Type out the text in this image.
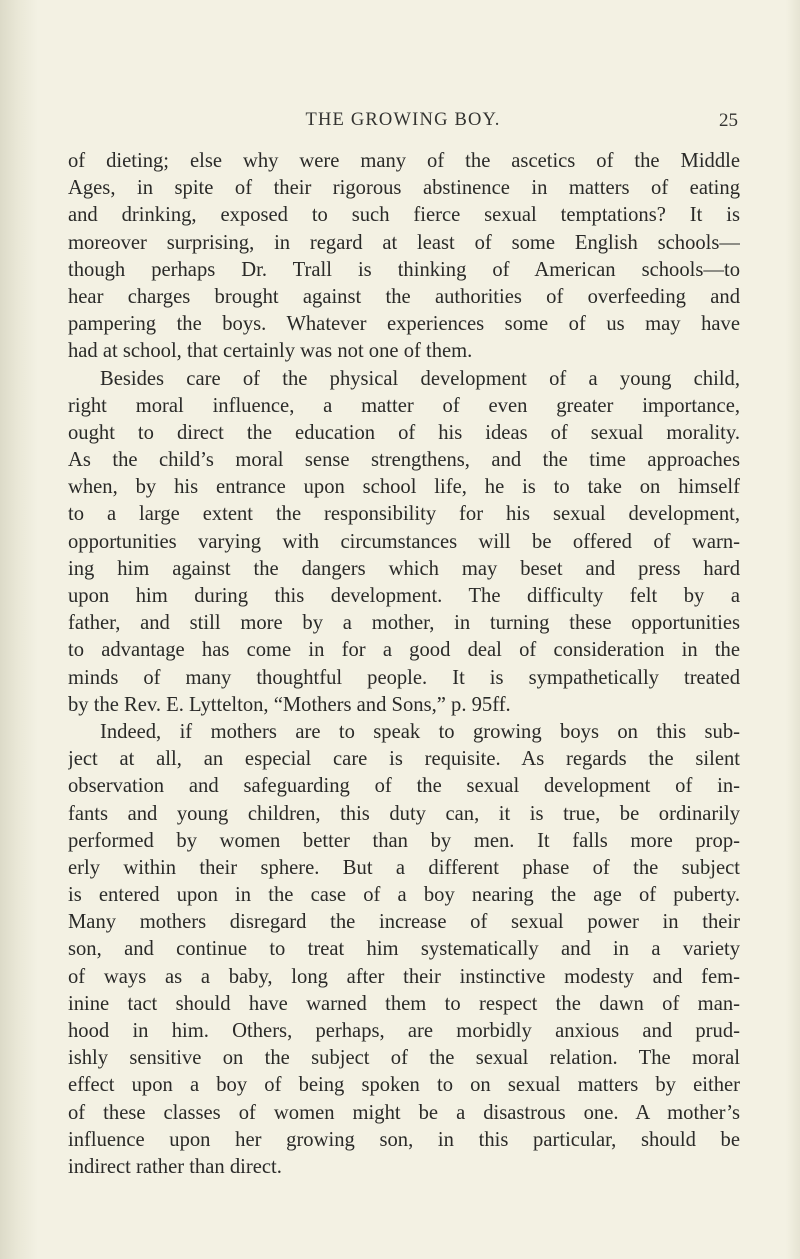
THE GROWING BOY.	25
of dieting; else why were many of the ascetics of the Middle
Ages, in spite of their rigorous abstinence in matters of eating
and drinking, exposed to such fierce sexual temptations? It is
moreover surprising, in regard at least of some English schools—
though perhaps Dr. Trall is thinking of American schools—to
hear charges brought against the authorities of overfeeding and
pampering the boys. Whatever experiences some of us may have
had at school, that certainly was not one of them.
Besides care of the physical development of a young child,
right moral influence, a matter of even greater importance,
ought to direct the education of his ideas of sexual morality.
As the child’s moral sense strengthens, and the time approaches
when, by his entrance upon school life, he is to take on himself
to a large extent the responsibility for his sexual development,
opportunities varying with circumstances will be offered of warn-
ing him against the dangers which may beset and press hard
upon him during this development. The difficulty felt by a
father, and still more by a mother, in turning these opportunities
to advantage has come in for a good deal of consideration in the
minds of many thoughtful people. It is sympathetically treated
by the Rev. E. Lyttelton, “Mothers and Sons,” p. 95ff.
Indeed, if mothers are to speak to growing boys on this sub-
ject at all, an especial care is requisite. As regards the silent
observation and safeguarding of the sexual development of in-
fants and young children, this duty can, it is true, be ordinarily
performed by women better than by men. It falls more prop-
erly within their sphere. But a different phase of the subject
is entered upon in the case of a boy nearing the age of puberty.
Many mothers disregard the increase of sexual power in their
son, and continue to treat him systematically and in a variety
of ways as a baby, long after their instinctive modesty and fem-
inine tact should have warned them to respect the dawn of man-
hood in him. Others, perhaps, are morbidly anxious and prud-
ishly sensitive on the subject of the sexual relation. The moral
effect upon a boy of being spoken to on sexual matters by either
of these classes of women might be a disastrous one. A mother’s
influence upon her growing son, in this particular, should be
indirect rather than direct.
